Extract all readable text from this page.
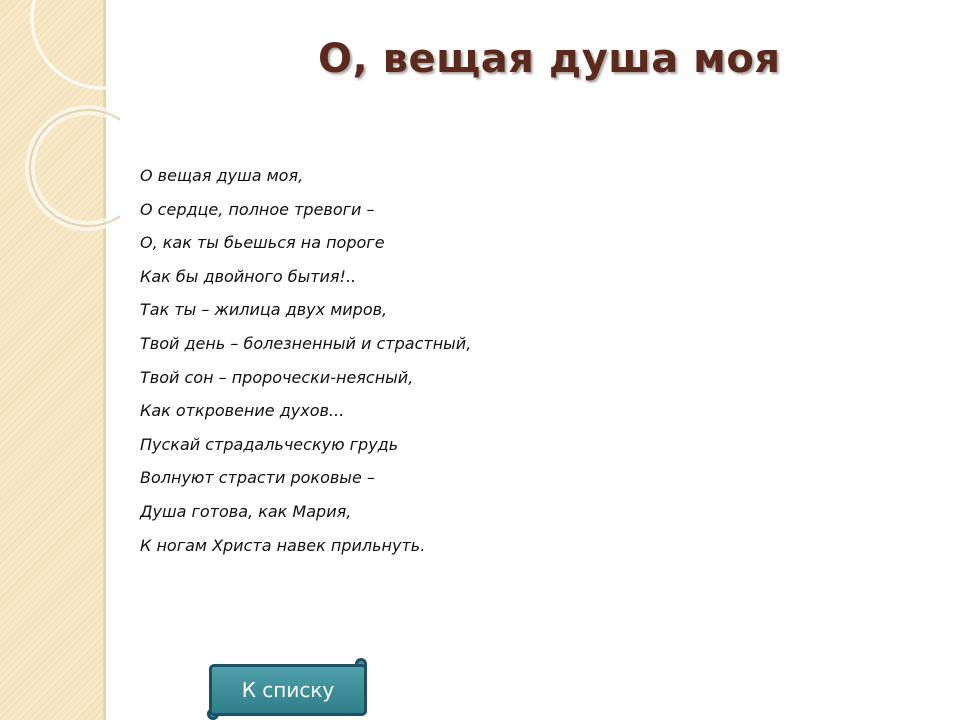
О, вещая душа моя
О вещая душа моя,
О сердце, полное тревоги –
О, как ты бьешься на пороге
Как бы двойного бытия!..
Так ты – жилица двух миров,
Твой день – болезненный и страстный,
Твой сон – пророчески-неясный,
Как откровение духов...
Пускай страдальческую грудь
Волнуют страсти роковые –
Душа готова, как Мария,
К ногам Христа навек прильнуть.
К списку
